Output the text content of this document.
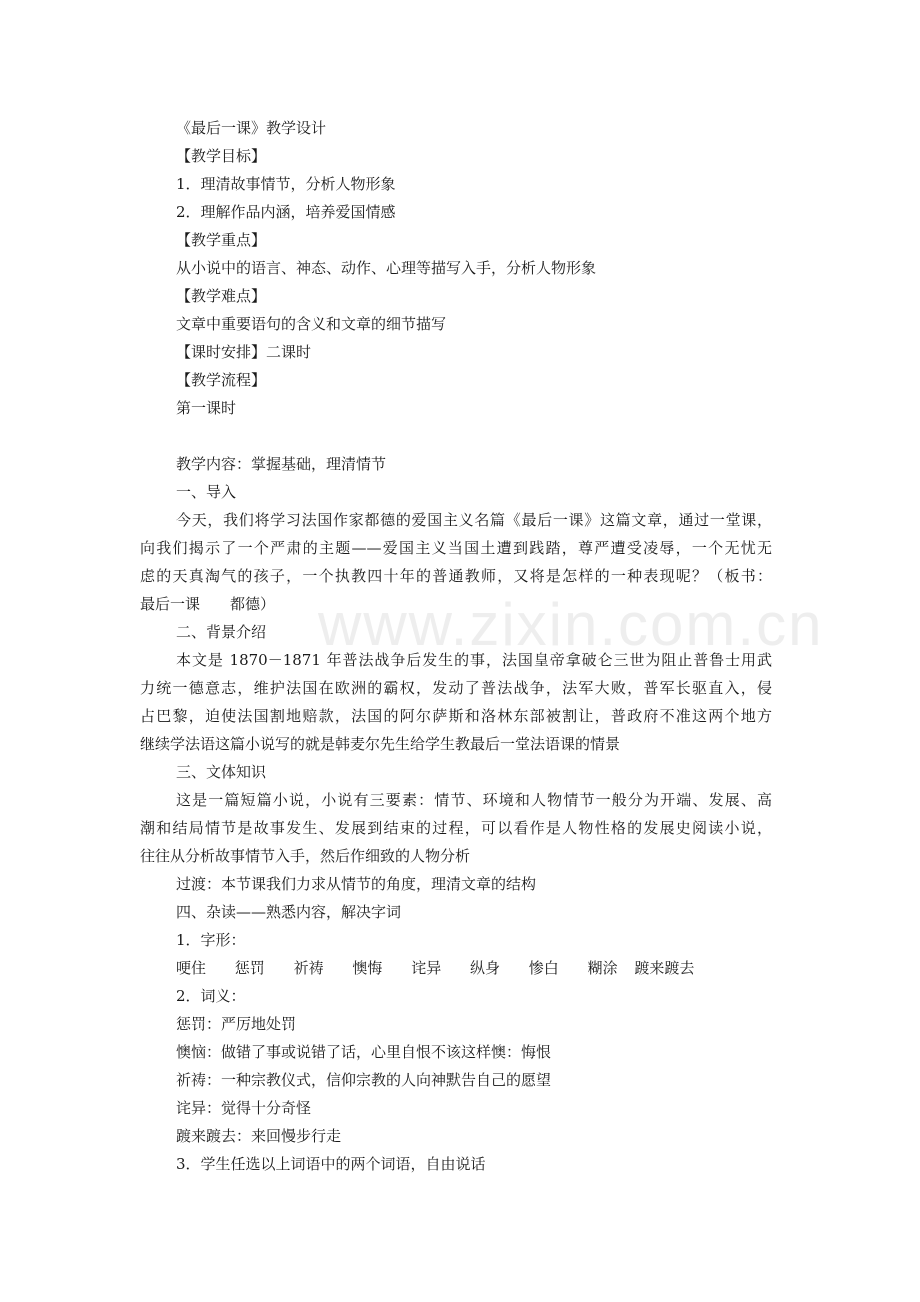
www.zixin.com.cn
《最后一课》教学设计
【教学目标】
1．理清故事情节，分析人物形象
2．理解作品内涵，培养爱国情感
【教学重点】
从小说中的语言、神态、动作、心理等描写入手，分析人物形象
【教学难点】
文章中重要语句的含义和文章的细节描写
【课时安排】二课时
【教学流程】
第一课时
教学内容：掌握基础，理清情节
一、导入
今天，我们将学习法国作家都德的爱国主义名篇《最后一课》这篇文章，通过一堂课，
向我们揭示了一个严肃的主题——爱国主义当国土遭到践踏，尊严遭受凌辱，一个无忧无
虑的天真淘气的孩子，一个执教四十年的普通教师，又将是怎样的一种表现呢？（板书：
最后一课　　都德）
二、背景介绍
本文是 1870－1871 年普法战争后发生的事，法国皇帝拿破仑三世为阻止普鲁士用武
力统一德意志，维护法国在欧洲的霸权，发动了普法战争，法军大败，普军长驱直入，侵
占巴黎，迫使法国割地赔款，法国的阿尔萨斯和洛林东部被割让，普政府不准这两个地方
继续学法语这篇小说写的就是韩麦尔先生给学生教最后一堂法语课的情景
三、文体知识
这是一篇短篇小说，小说有三要素：情节、环境和人物情节一般分为开端、发展、高
潮和结局情节是故事发生、发展到结束的过程，可以看作是人物性格的发展史阅读小说，
往往从分析故事情节入手，然后作细致的人物分析
过渡：本节课我们力求从情节的角度，理清文章的结构
四、杂读——熟悉内容，解决字词
1．字形：
哽住 惩罚 祈祷 懊悔 诧异 纵身 惨白 糊涂 踱来踱去
2．词义：
惩罚：严厉地处罚
懊恼：做错了事或说错了话，心里自恨不该这样懊：悔恨
祈祷：一种宗教仪式，信仰宗教的人向神默告自己的愿望
诧异：觉得十分奇怪
踱来踱去：来回慢步行走
3．学生任选以上词语中的两个词语，自由说话
